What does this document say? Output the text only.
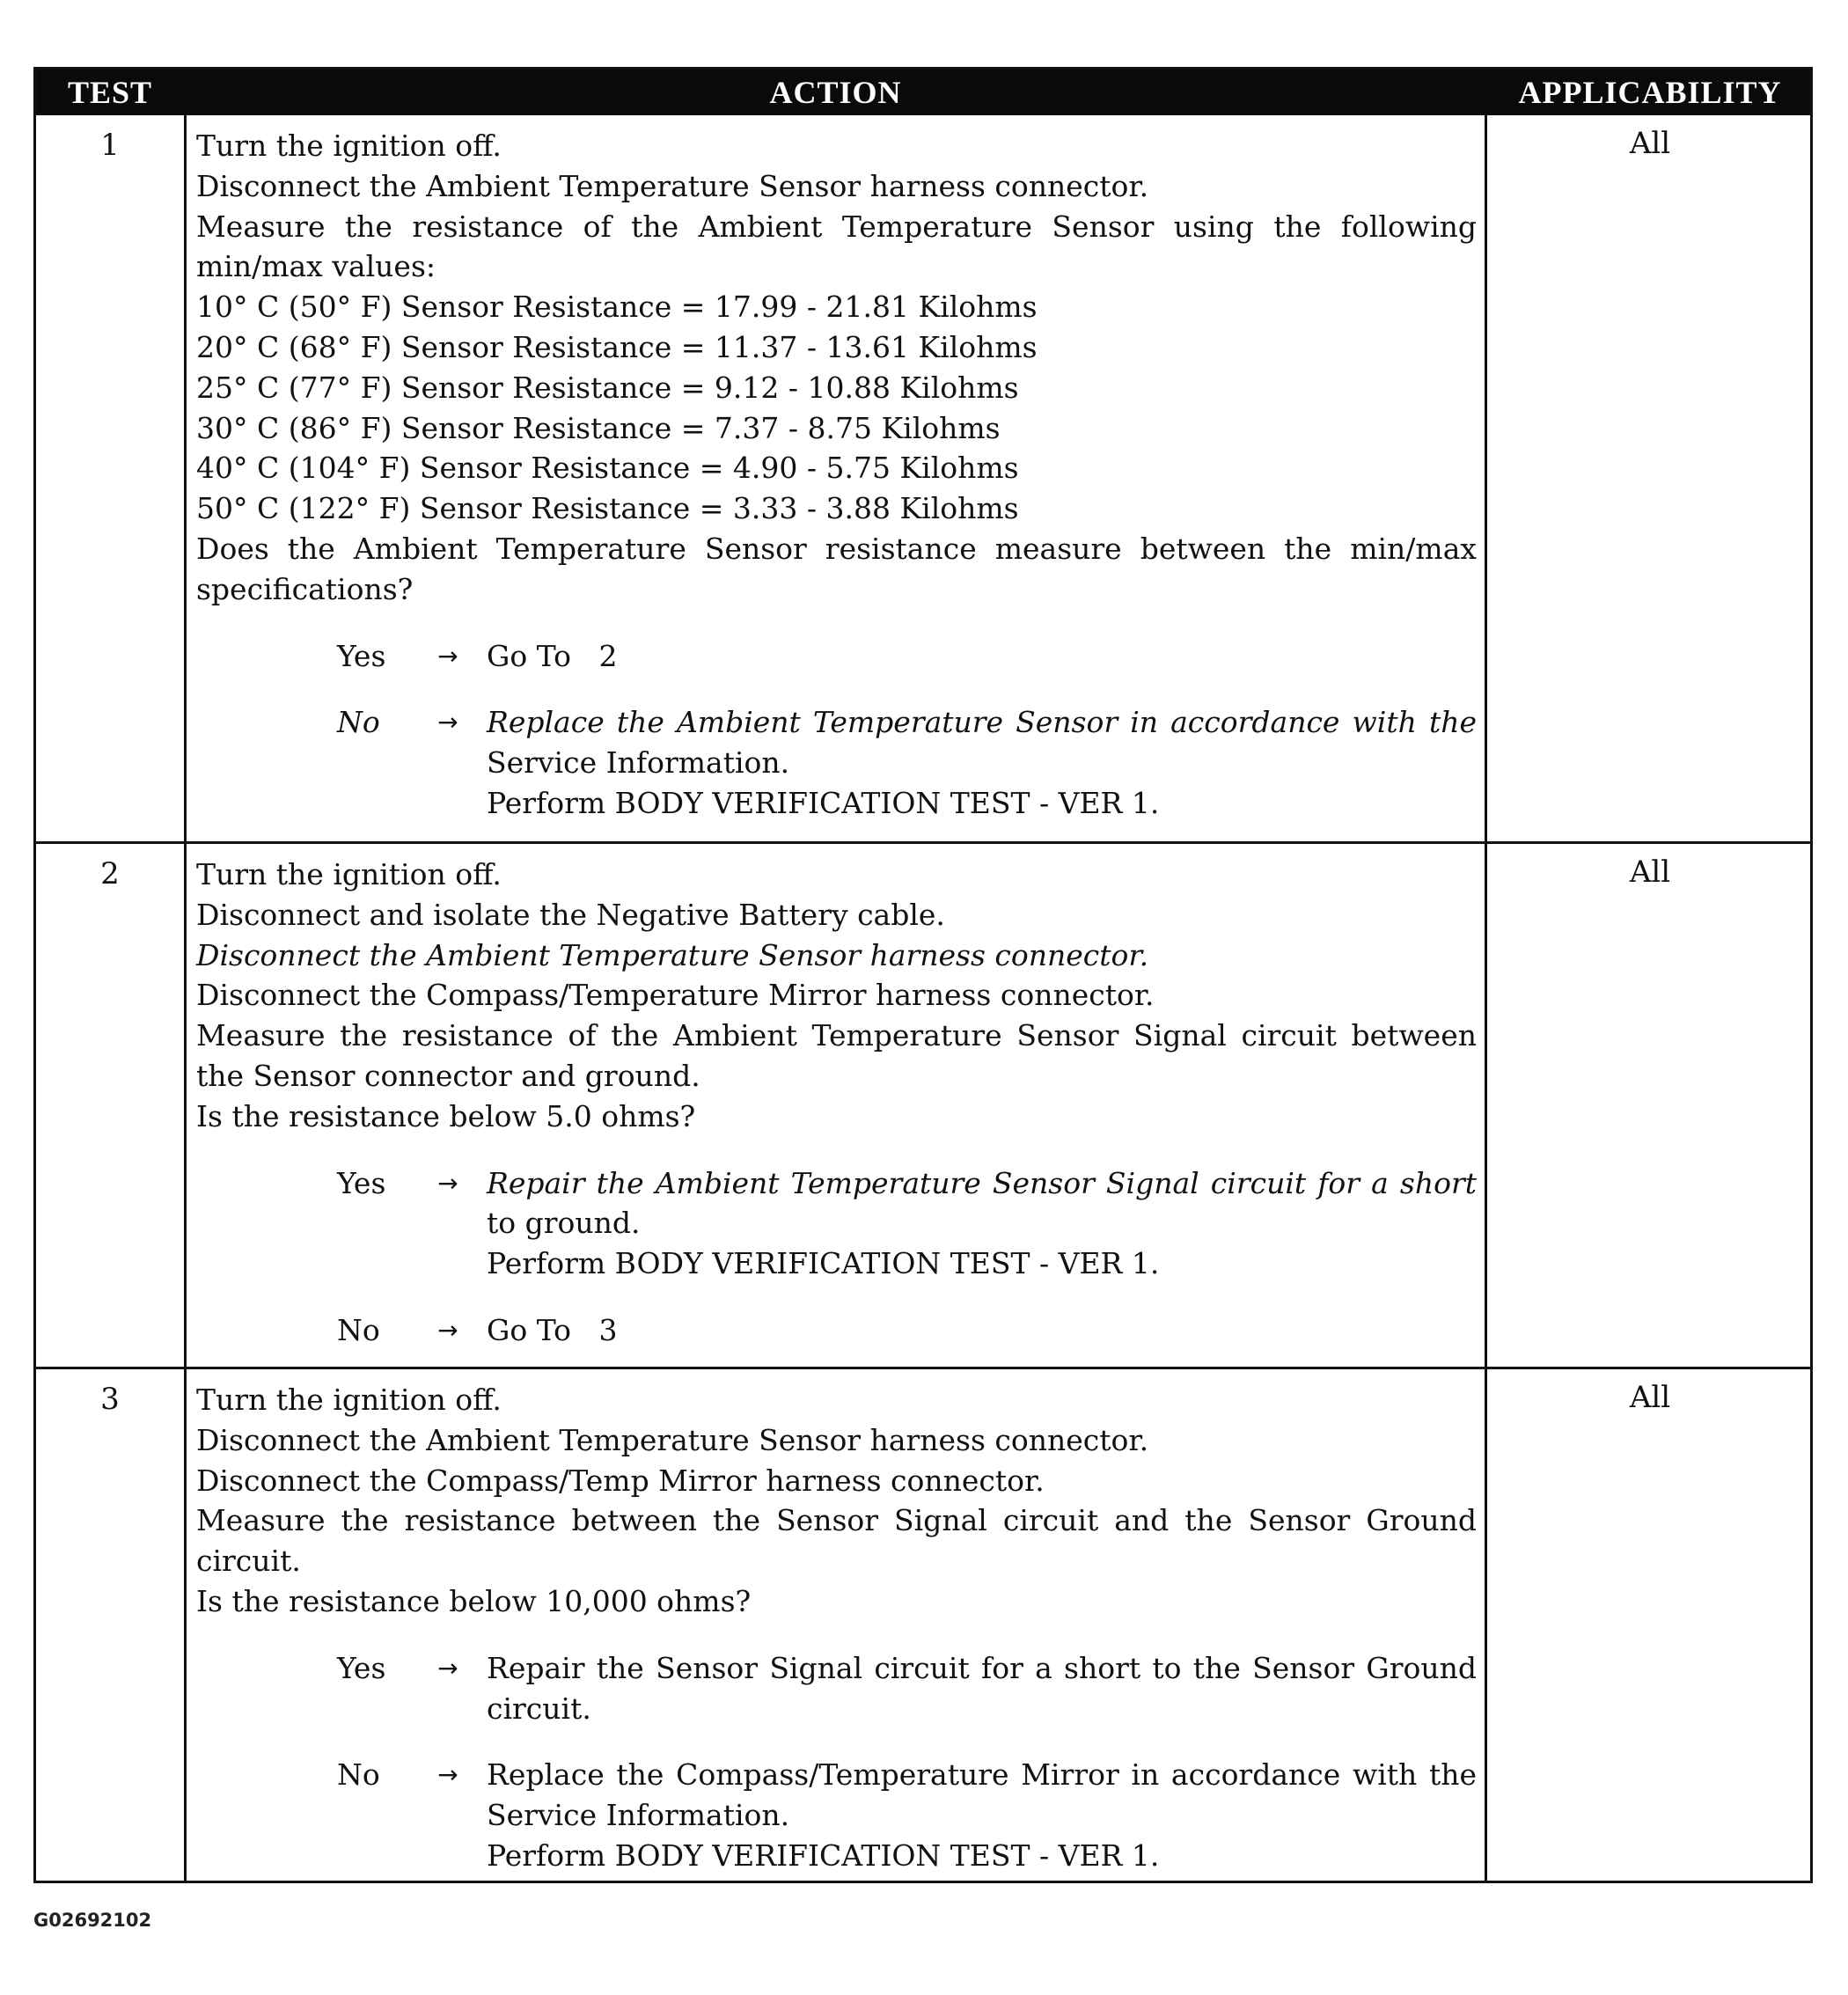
TEST	ACTION	APPLICABILITY
1	Turn the ignition off.
Disconnect the Ambient Temperature Sensor harness connector.
Measure the resistance of the Ambient Temperature Sensor using the following
min/max values:
10° C (50° F) Sensor Resistance = 17.99 - 21.81 Kilohms
20° C (68° F) Sensor Resistance = 11.37 - 13.61 Kilohms
25° C (77° F) Sensor Resistance = 9.12 - 10.88 Kilohms
30° C (86° F) Sensor Resistance = 7.37 - 8.75 Kilohms
40° C (104° F) Sensor Resistance = 4.90 - 5.75 Kilohms
50° C (122° F) Sensor Resistance = 3.33 - 3.88 Kilohms
Does the Ambient Temperature Sensor resistance measure between the min/max
specifications?
Yes	→ Go To   2
No	→ Replace the Ambient Temperature Sensor in accordance with the
Service Information.
Perform BODY VERIFICATION TEST - VER 1.
All
2	Turn the ignition off.
Disconnect and isolate the Negative Battery cable.
Disconnect the Ambient Temperature Sensor harness connector.
Disconnect the Compass/Temperature Mirror harness connector.
Measure the resistance of the Ambient Temperature Sensor Signal circuit between
the Sensor connector and ground.
Is the resistance below 5.0 ohms?
Yes	→ Repair the Ambient Temperature Sensor Signal circuit for a short
to ground.
Perform BODY VERIFICATION TEST - VER 1.
No	→ Go To   3
All
3	Turn the ignition off.
Disconnect the Ambient Temperature Sensor harness connector.
Disconnect the Compass/Temp Mirror harness connector.
Measure the resistance between the Sensor Signal circuit and the Sensor Ground
circuit.
Is the resistance below 10,000 ohms?
Yes	→ Repair the Sensor Signal circuit for a short to the Sensor Ground
circuit.
No	→ Replace the Compass/Temperature Mirror in accordance with the
Service Information.
Perform BODY VERIFICATION TEST - VER 1.
All
G02692102
